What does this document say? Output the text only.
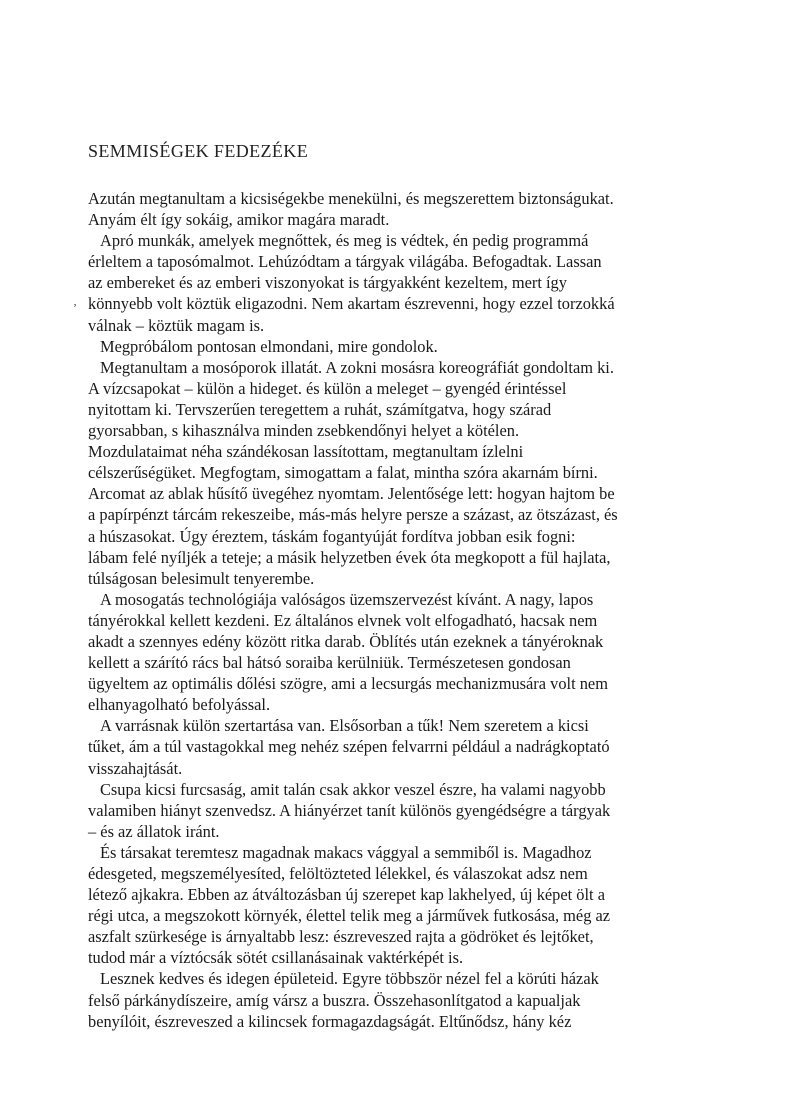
‚
SEMMISÉGEK FEDEZÉKE
Azután megtanultam a kicsiségekbe menekülni, és megszerettem biztonságukat.
Anyám élt így sokáig, amikor magára maradt.
Apró munkák, amelyek megnőttek, és meg is védtek, én pedig programmá
érleltem a taposómalmot. Lehúzódtam a tárgyak világába. Befogadtak. Lassan
az embereket és az emberi viszonyokat is tárgyakként kezeltem, mert így
könnyebb volt köztük eligazodni. Nem akartam észrevenni, hogy ezzel torzokká
válnak – köztük magam is.
Megpróbálom pontosan elmondani, mire gondolok.
Megtanultam a mosóporok illatát. A zokni mosásra koreográfiát gondoltam ki.
A vízcsapokat – külön a hideget. és külön a meleget – gyengéd érintéssel
nyitottam ki. Tervszerűen teregettem a ruhát, számítgatva, hogy szárad
gyorsabban, s kihasználva minden zsebkendőnyi helyet a kötélen.
Mozdulataimat néha szándékosan lassítottam, megtanultam ízlelni
célszerűségüket. Megfogtam, simogattam a falat, mintha szóra akarnám bírni.
Arcomat az ablak hűsítő üvegéhez nyomtam. Jelentősége lett: hogyan hajtom be
a papírpénzt tárcám rekeszeibe, más-más helyre persze a százast, az ötszázast, és
a húszasokat. Úgy éreztem, táskám fogantyúját fordítva jobban esik fogni:
lábam felé nyíljék a teteje; a másik helyzetben évek óta megkopott a fül hajlata,
túlságosan belesimult tenyerembe.
A mosogatás technológiája valóságos üzemszervezést kívánt. A nagy, lapos
tányérokkal kellett kezdeni. Ez általános elvnek volt elfogadható, hacsak nem
akadt a szennyes edény között ritka darab. Öblítés után ezeknek a tányéroknak
kellett a szárító rács bal hátsó soraiba kerülniük. Természetesen gondosan
ügyeltem az optimális dőlési szögre, ami a lecsurgás mechanizmusára volt nem
elhanyagolható befolyással.
A varrásnak külön szertartása van. Elsősorban a tűk! Nem szeretem a kicsi
tűket, ám a túl vastagokkal meg nehéz szépen felvarrni például a nadrágkoptató
visszahajtását.
Csupa kicsi furcsaság, amit talán csak akkor veszel észre, ha valami nagyobb
valamiben hiányt szenvedsz. A hiányérzet tanít különös gyengédségre a tárgyak
– és az állatok iránt.
És társakat teremtesz magadnak makacs vággyal a semmiből is. Magadhoz
édesgeted, megszemélyesíted, felöltözteted lélekkel, és válaszokat adsz nem
létező ajkakra. Ebben az átváltozásban új szerepet kap lakhelyed, új képet ölt a
régi utca, a megszokott környék, élettel telik meg a járművek futkosása, még az
aszfalt szürkesége is árnyaltabb lesz: észreveszed rajta a gödröket és lejtőket,
tudod már a víztócsák sötét csillanásainak vaktérképét is.
Lesznek kedves és idegen épületeid. Egyre többször nézel fel a körúti házak
felső párkánydíszeire, amíg vársz a buszra. Összehasonlítgatod a kapualjak
benyílóit, észreveszed a kilincsek formagazdagságát. Eltűnődsz, hány kéz
